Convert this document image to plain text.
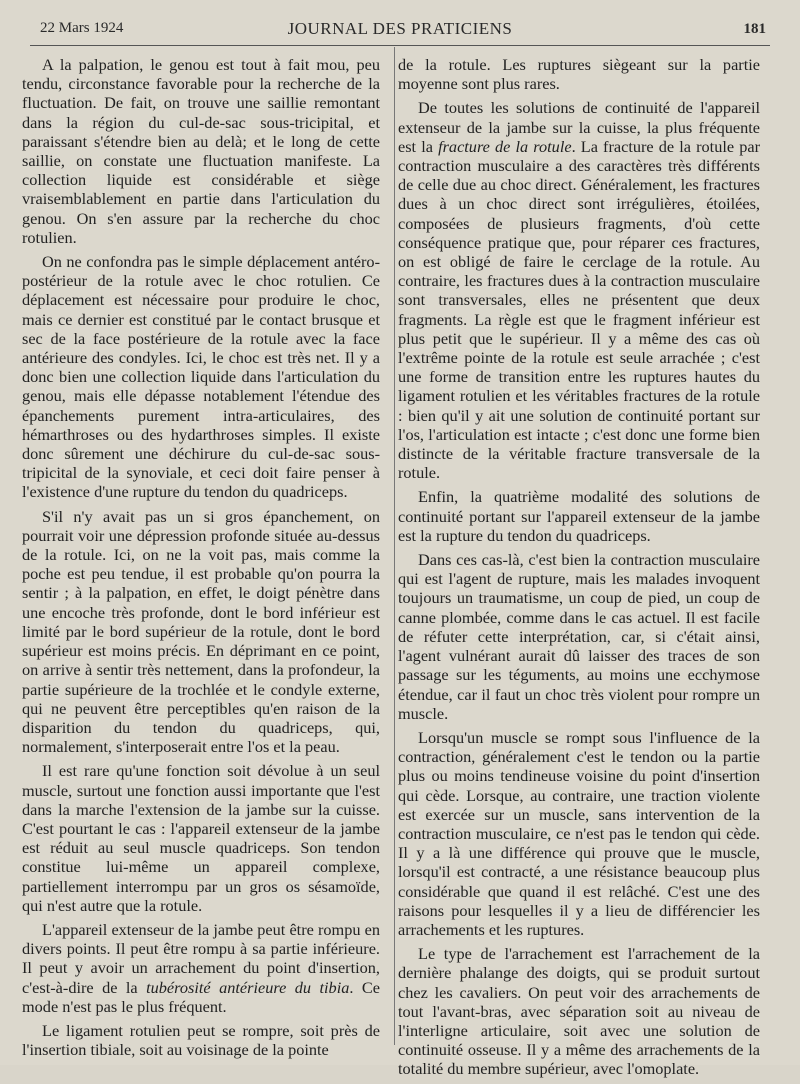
22 Mars 1924	JOURNAL DES PRATICIENS	181

A la palpation, le genou est tout à fait mou, peu tendu, circonstance favorable pour la recherche de la fluctuation. De fait, on trouve une saillie remontant dans la région du cul-de-sac sous-tricipital, et paraissant s'étendre bien au delà; et le long de cette saillie, on constate une fluctuation manifeste. La collection liquide est considérable et siège vraisemblablement en partie dans l'articulation du genou. On s'en assure par la recherche du choc rotulien.

On ne confondra pas le simple déplacement antéro-postérieur de la rotule avec le choc rotulien. Ce déplacement est nécessaire pour produire le choc, mais ce dernier est constitué par le contact brusque et sec de la face postérieure de la rotule avec la face antérieure des condyles. Ici, le choc est très net. Il y a donc bien une collection liquide dans l'articulation du genou, mais elle dépasse notablement l'étendue des épanchements purement intra-articulaires, des hémarthroses ou des hydarthroses simples. Il existe donc sûrement une déchirure du cul-de-sac sous-tripicital de la synoviale, et ceci doit faire penser à l'existence d'une rupture du tendon du quadriceps.

S'il n'y avait pas un si gros épanchement, on pourrait voir une dépression profonde située au-dessus de la rotule. Ici, on ne la voit pas, mais comme la poche est peu tendue, il est probable qu'on pourra la sentir ; à la palpation, en effet, le doigt pénètre dans une encoche très profonde, dont le bord inférieur est limité par le bord supérieur de la rotule, dont le bord supérieur est moins précis. En déprimant en ce point, on arrive à sentir très nettement, dans la profondeur, la partie supérieure de la trochlée et le condyle externe, qui ne peuvent être perceptibles qu'en raison de la disparition du tendon du quadriceps, qui, normalement, s'interposerait entre l'os et la peau.

Il est rare qu'une fonction soit dévolue à un seul muscle, surtout une fonction aussi importante que l'est dans la marche l'extension de la jambe sur la cuisse. C'est pourtant le cas : l'appareil extenseur de la jambe est réduit au seul muscle quadriceps. Son tendon constitue lui-même un appareil complexe, partiellement interrompu par un gros os sésamoïde, qui n'est autre que la rotule.

L'appareil extenseur de la jambe peut être rompu en divers points. Il peut être rompu à sa partie inférieure. Il peut y avoir un arrachement du point d'insertion, c'est-à-dire de la tubérosité antérieure du tibia. Ce mode n'est pas le plus fréquent.

Le ligament rotulien peut se rompre, soit près de l'insertion tibiale, soit au voisinage de la pointe

de la rotule. Les ruptures siègeant sur la partie moyenne sont plus rares.

De toutes les solutions de continuité de l'appareil extenseur de la jambe sur la cuisse, la plus fréquente est la fracture de la rotule. La fracture de la rotule par contraction musculaire a des caractères très différents de celle due au choc direct. Généralement, les fractures dues à un choc direct sont irrégulières, étoilées, composées de plusieurs fragments, d'où cette conséquence pratique que, pour réparer ces fractures, on est obligé de faire le cerclage de la rotule. Au contraire, les fractures dues à la contraction musculaire sont transversales, elles ne présentent que deux fragments. La règle est que le fragment inférieur est plus petit que le supérieur. Il y a même des cas où l'extrême pointe de la rotule est seule arrachée ; c'est une forme de transition entre les ruptures hautes du ligament rotulien et les véritables fractures de la rotule : bien qu'il y ait une solution de continuité portant sur l'os, l'articulation est intacte ; c'est donc une forme bien distincte de la véritable fracture transversale de la rotule.

Enfin, la quatrième modalité des solutions de continuité portant sur l'appareil extenseur de la jambe est la rupture du tendon du quadriceps.

Dans ces cas-là, c'est bien la contraction musculaire qui est l'agent de rupture, mais les malades invoquent toujours un traumatisme, un coup de pied, un coup de canne plombée, comme dans le cas actuel. Il est facile de réfuter cette interprétation, car, si c'était ainsi, l'agent vulnérant aurait dû laisser des traces de son passage sur les téguments, au moins une ecchymose étendue, car il faut un choc très violent pour rompre un muscle.

Lorsqu'un muscle se rompt sous l'influence de la contraction, généralement c'est le tendon ou la partie plus ou moins tendineuse voisine du point d'insertion qui cède. Lorsque, au contraire, une traction violente est exercée sur un muscle, sans intervention de la contraction musculaire, ce n'est pas le tendon qui cède. Il y a là une différence qui prouve que le muscle, lorsqu'il est contracté, a une résistance beaucoup plus considérable que quand il est relâché. C'est une des raisons pour lesquelles il y a lieu de différencier les arrachements et les ruptures.

Le type de l'arrachement est l'arrachement de la dernière phalange des doigts, qui se produit surtout chez les cavaliers. On peut voir des arrachements de tout l'avant-bras, avec séparation soit au niveau de l'interligne articulaire, soit avec une solution de continuité osseuse. Il y a même des arrachements de la totalité du membre supérieur, avec l'omoplate.
